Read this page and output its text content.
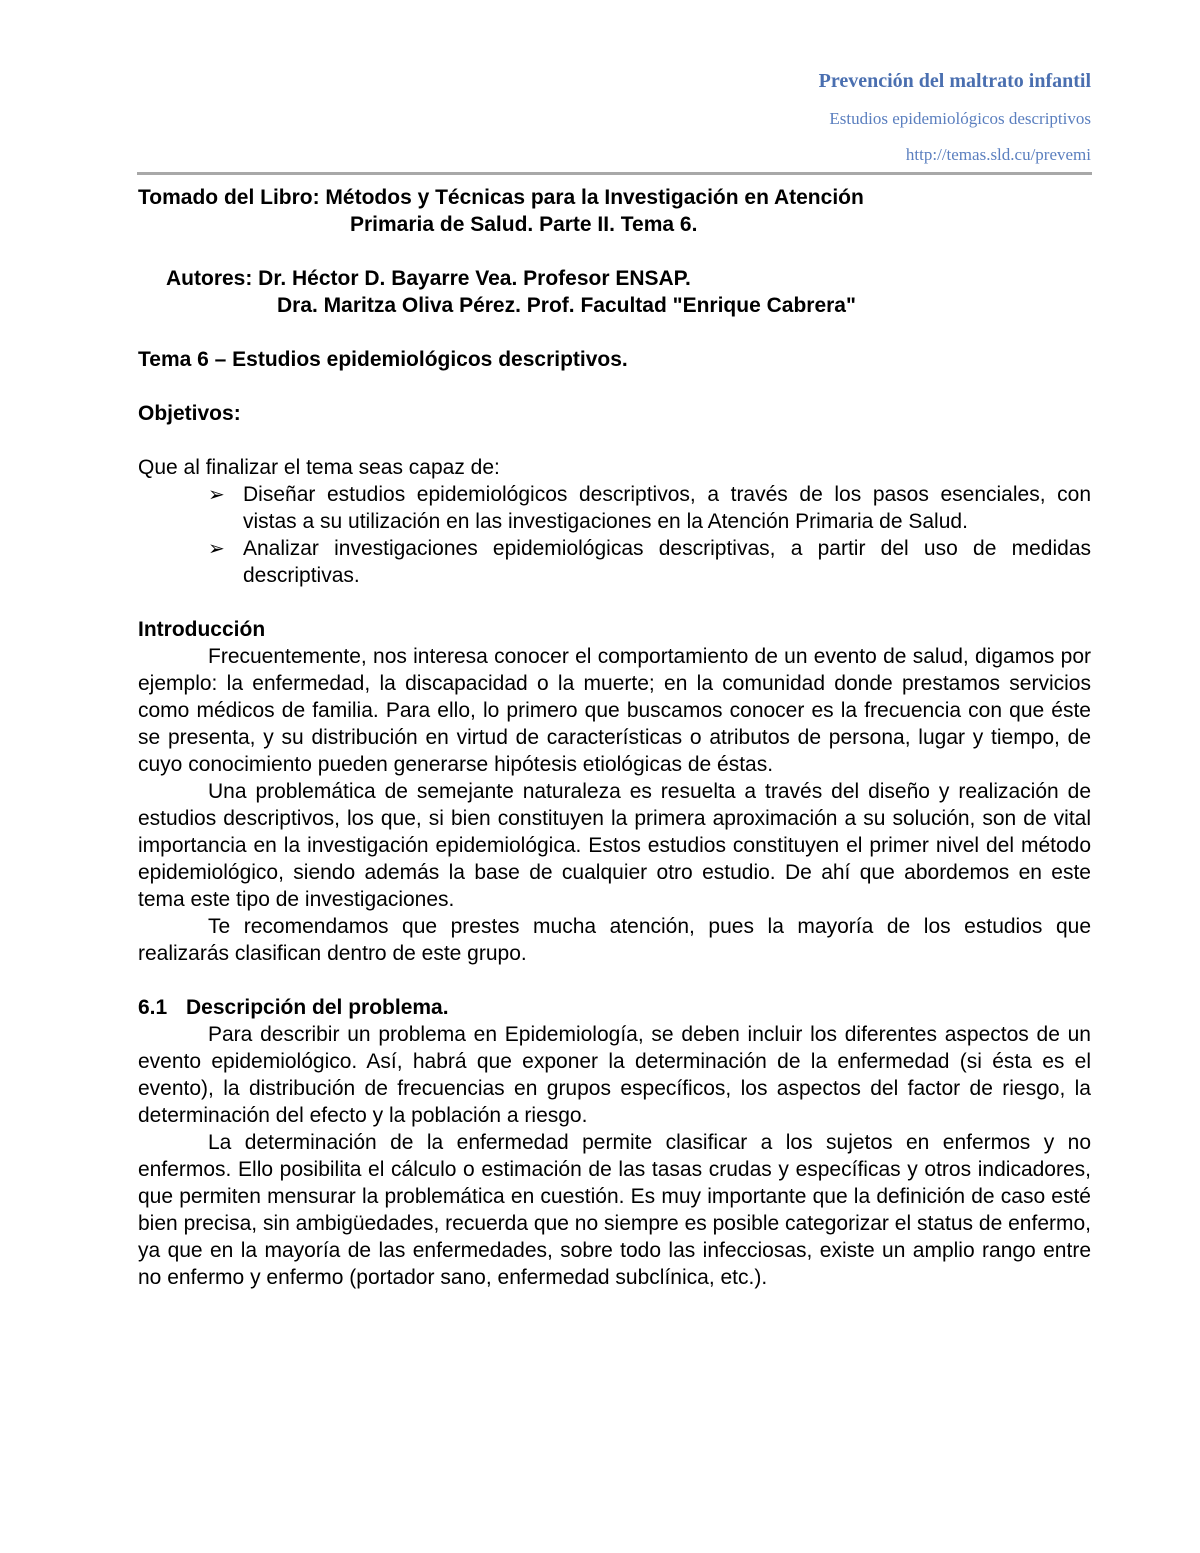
Prevención del maltrato infantil
Estudios epidemiológicos descriptivos
http://temas.sld.cu/prevemi
Tomado del Libro: Métodos y Técnicas para la Investigación en Atención
Primaria de Salud. Parte II. Tema 6.
Autores: Dr. Héctor D. Bayarre Vea. Profesor ENSAP.
Dra. Maritza Oliva Pérez. Prof. Facultad "Enrique Cabrera"
Tema 6 – Estudios epidemiológicos descriptivos.
Objetivos:
Que al finalizar el tema seas capaz de:
➢ Diseñar estudios epidemiológicos descriptivos, a través de los pasos esenciales, con vistas a su utilización en las investigaciones en la Atención Primaria de Salud.
➢ Analizar investigaciones epidemiológicas descriptivas, a partir del uso de medidas descriptivas.
Introducción
Frecuentemente, nos interesa conocer el comportamiento de un evento de salud, digamos por ejemplo: la enfermedad, la discapacidad o la muerte; en la comunidad donde prestamos servicios como médicos de familia. Para ello, lo primero que buscamos conocer es la frecuencia con que éste se presenta, y su distribución en virtud de características o atributos de persona, lugar y tiempo, de cuyo conocimiento pueden generarse hipótesis etiológicas de éstas.
Una problemática de semejante naturaleza es resuelta a través del diseño y realización de estudios descriptivos, los que, si bien constituyen la primera aproximación a su solución, son de vital importancia en la investigación epidemiológica. Estos estudios constituyen el primer nivel del método epidemiológico, siendo además la base de cualquier otro estudio. De ahí que abordemos en este tema este tipo de investigaciones.
Te recomendamos que prestes mucha atención, pues la mayoría de los estudios que realizarás clasifican dentro de este grupo.
6.1 Descripción del problema.
Para describir un problema en Epidemiología, se deben incluir los diferentes aspectos de un evento epidemiológico. Así, habrá que exponer la determinación de la enfermedad (si ésta es el evento), la distribución de frecuencias en grupos específicos, los aspectos del factor de riesgo, la determinación del efecto y la población a riesgo.
La determinación de la enfermedad permite clasificar a los sujetos en enfermos y no enfermos. Ello posibilita el cálculo o estimación de las tasas crudas y específicas y otros indicadores, que permiten mensurar la problemática en cuestión. Es muy importante que la definición de caso esté bien precisa, sin ambigüedades, recuerda que no siempre es posible categorizar el status de enfermo, ya que en la mayoría de las enfermedades, sobre todo las infecciosas, existe un amplio rango entre no enfermo y enfermo (portador sano, enfermedad subclínica, etc.).
